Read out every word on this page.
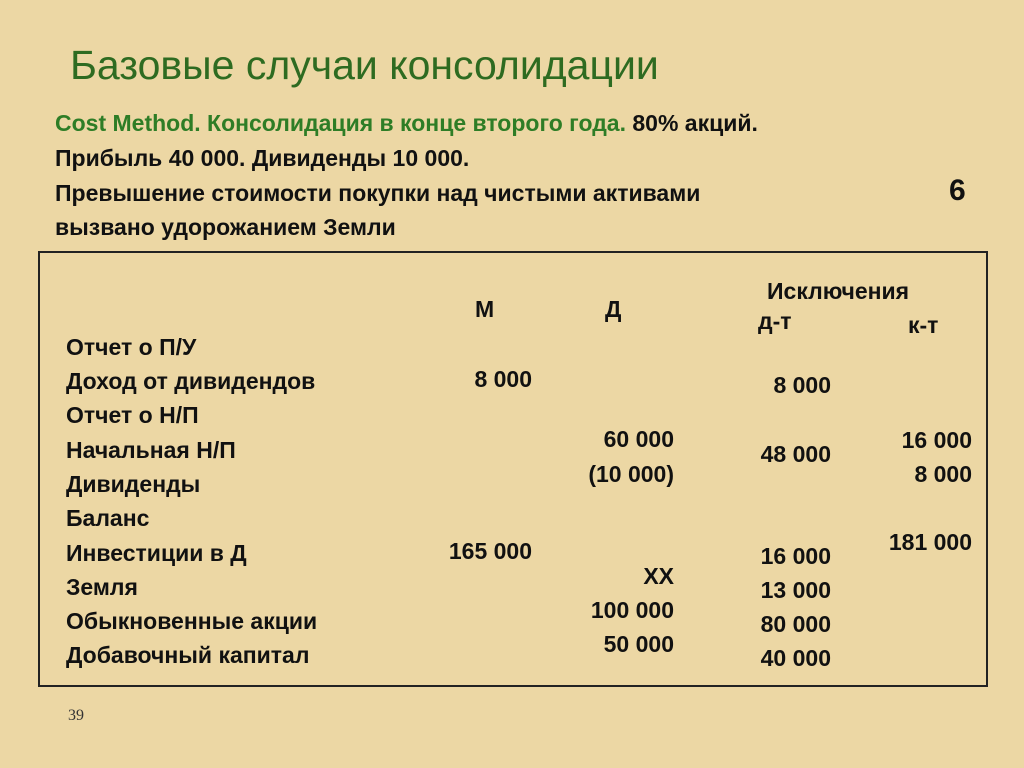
Базовые случаи консолидации
Cost Method. Консолидация в конце второго года. 80% акций.
Прибыль 40 000. Дивиденды 10 000.
Превышение стоимости покупки над чистыми активами
вызвано удорожанием Земли
6
М	Д
Исключения
д-т	к-т
Отчет о П/У
Доход от дивидендов
Отчет о Н/П
Начальная Н/П
Дивиденды
Баланс
Инвестиции в Д
Земля
Обыкновенные акции
Добавочный капитал
8 000
165 000
60 000
(10 000)
XX
100 000
50 000
8 000
48 000
16 000
13 000
80 000
40 000
16 000
8 000
181 000
39
